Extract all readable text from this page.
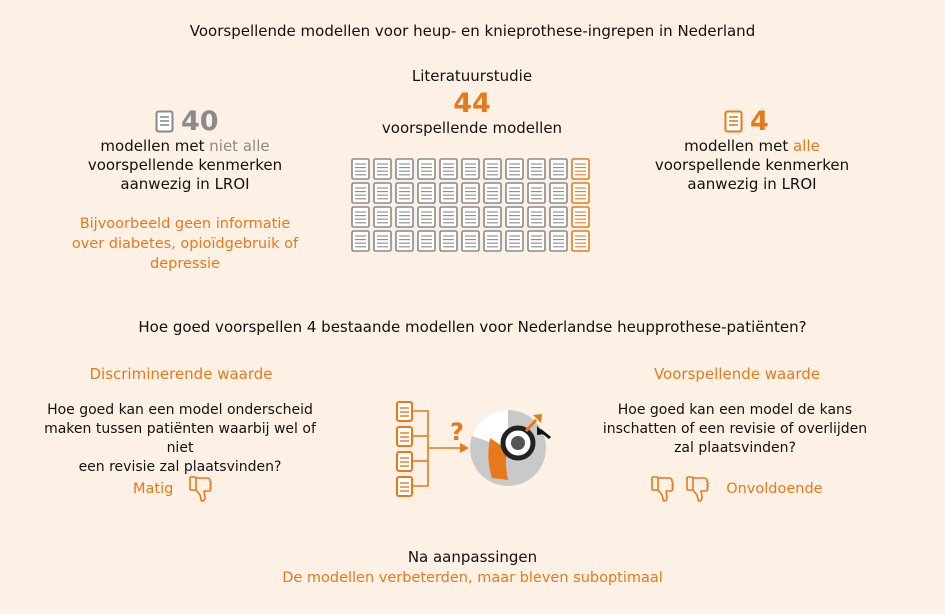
Voorspellende modellen voor heup- en knieprothese-ingrepen in Nederland
Literatuurstudie
44
voorspellende modellen
40
modellen met niet alle
voorspellende kenmerken
aanwezig in LROI
Bijvoorbeeld geen informatie
over diabetes, opioïdgebruik of
depressie
4
modellen met alle
voorspellende kenmerken
aanwezig in LROI
Hoe goed voorspellen 4 bestaande modellen voor Nederlandse heupprothese-patiënten?
Discriminerende waarde
Hoe goed kan een model onderscheid
maken tussen patiënten waarbij wel of niet
een revisie zal plaatsvinden?
Matig
?
Voorspellende waarde
Hoe goed kan een model de kans
inschatten of een revisie of overlijden
zal plaatsvinden?
Onvoldoende
Na aanpassingen
De modellen verbeterden, maar bleven suboptimaal
